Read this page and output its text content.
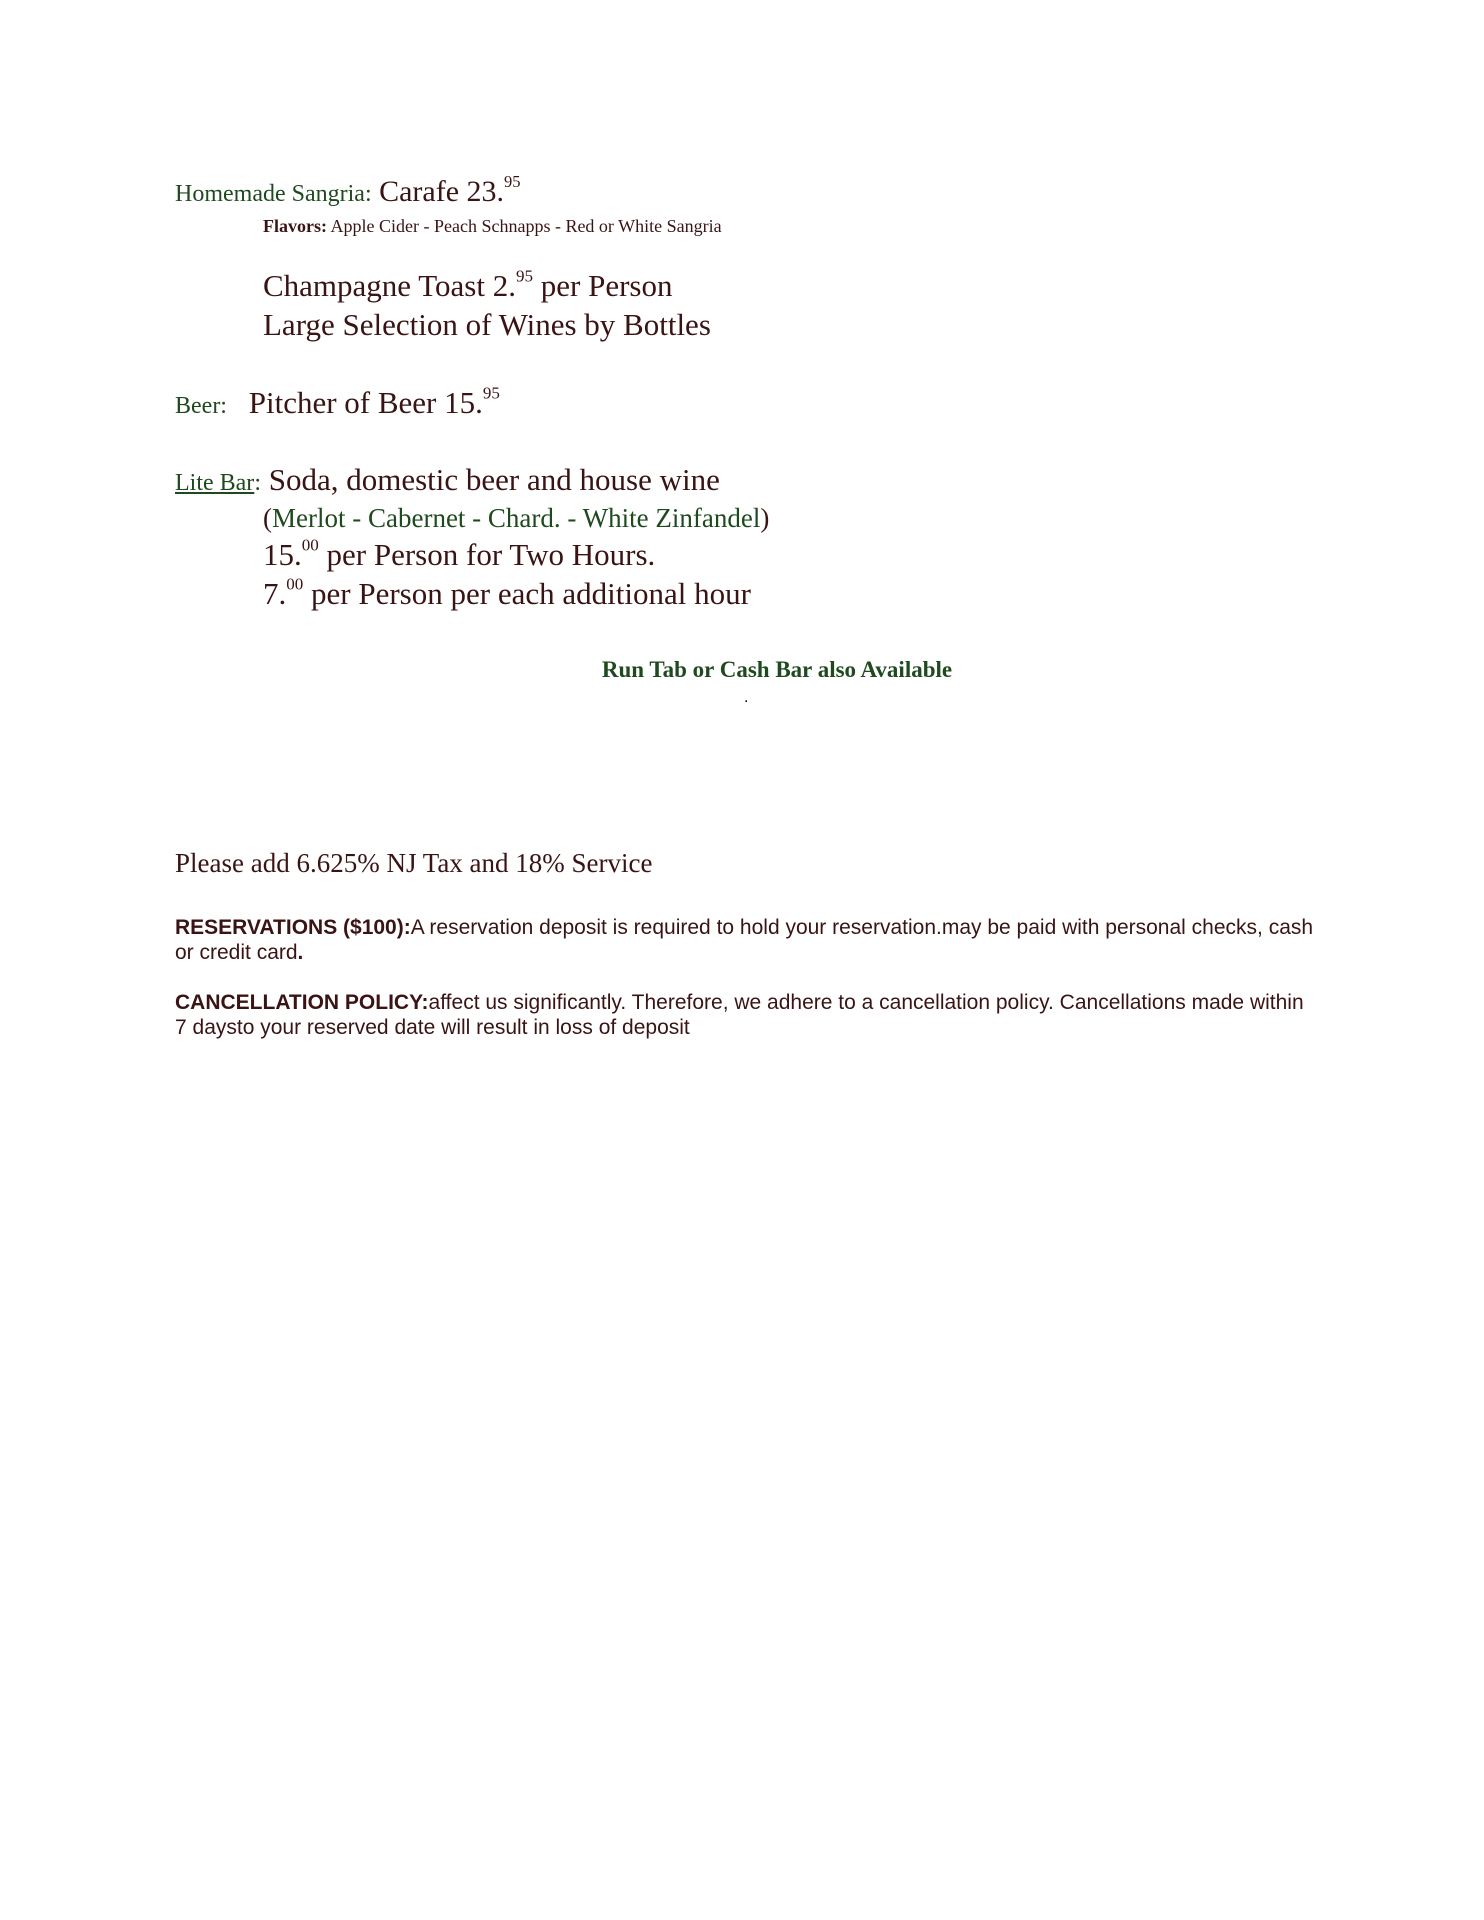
Homemade Sangria: Carafe 23.95
Flavors: Apple Cider - Peach Schnapps - Red or White Sangria
Champagne Toast 2.95 per Person
Large Selection of Wines by Bottles
Beer: Pitcher of Beer 15.95
Lite Bar: Soda, domestic beer and house wine
(Merlot - Cabernet - Chard. - White Zinfandel)
15.00 per Person for Two Hours.
7.00 per Person per each additional hour
Run Tab or Cash Bar also Available
.
Please add 6.625% NJ Tax and 18% Service
RESERVATIONS ($100):A reservation deposit is required to hold your reservation.may be paid with personal checks, cash or credit card.
CANCELLATION POLICY:affect us significantly. Therefore, we adhere to a cancellation policy. Cancellations made within 7 daysto your reserved date will result in loss of deposit
